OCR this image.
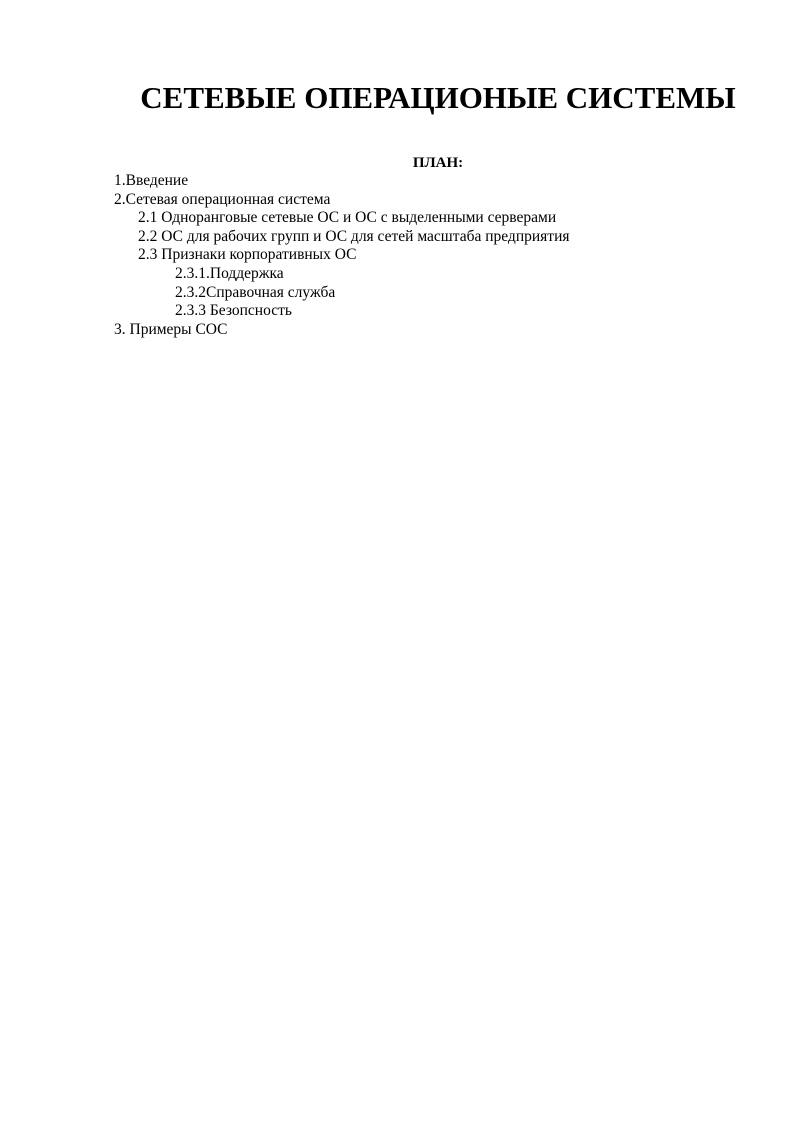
СЕТЕВЫЕ ОПЕРАЦИОНЫЕ СИСТЕМЫ
ПЛАН:
1.Введение
2.Сетевая операционная система
2.1 Одноранговые сетевые ОС и ОС с выделенными серверами
2.2 ОС для рабочих групп и ОС для сетей масштаба предприятия
2.3 Признаки корпоративных ОС
2.3.1.Поддержка
2.3.2Справочная служба
2.3.3 Безопсность
3. Примеры СОС
